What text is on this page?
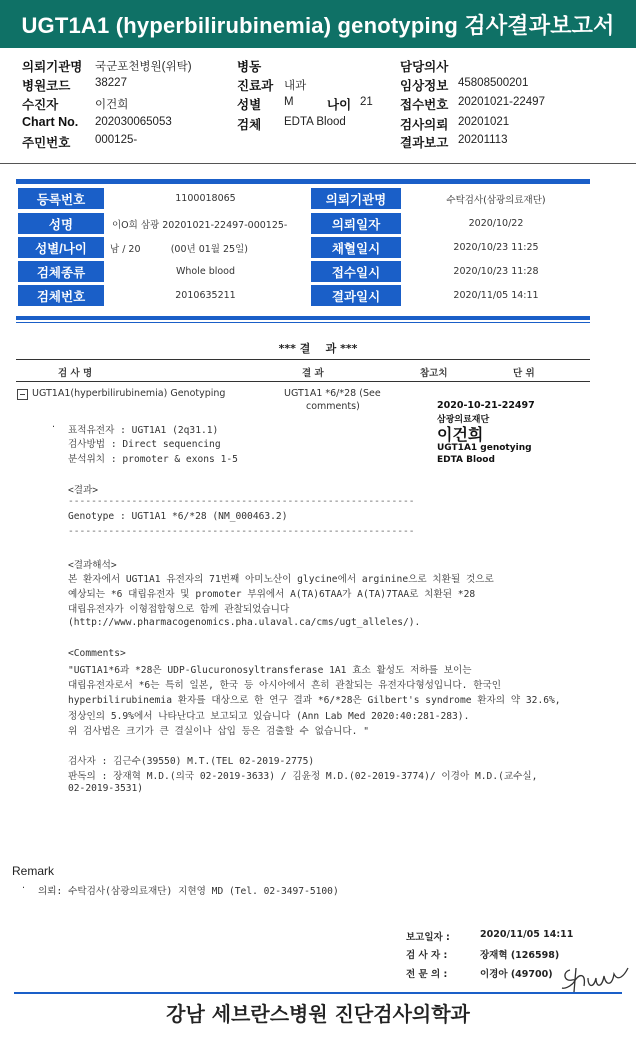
UGT1A1 (hyperbilirubinemia) genotyping 검사결과보고서
의뢰기관명 국군포천병원(위탁)
병원코드 38227
수진자	이건희
Chart No. 202030065053
주민번호 000125-
병동
진료과 내과
성별 M	나이 21
검체 EDTA Blood
담당의사
임상정보 45808500201
접수번호 20201021-22497
검사의뢰 20201021
결과보고 20201113
등록번호	1100018065
성명	이O희 삼광 20201021-22497-000125-
성별/나이	남 / 20          (00년 01월 25일)
검체종류	Whole blood
검체번호	2010635211
의뢰기관명	수탁검사(삼광의료재단)
의뢰일자	2020/10/22
채혈일시	2020/10/23 11:25
접수일시	2020/10/23 11:28
결과일시	2020/11/05 14:11
*** 결    과 ***
검 사 명	결 과	참고치	단 위
UGT1A1(hyperbilirubinemia) Genotyping	UGT1A1 *6/*28 (See
comments)	2020-10-21-22497
삼광의료재단
이건희
UGT1A1 genotying
EDTA Blood
· 표적유전자 : UGT1A1 (2q31.1)
검사방법 : Direct sequencing
분석위치 : promoter & exons 1-5
<결과>
------------------------------------------------------------
Genotype : UGT1A1 *6/*28 (NM_000463.2)
------------------------------------------------------------
<결과해석>
본 환자에서 UGT1A1 유전자의 71번째 아미노산이 glycine에서 arginine으로 치환될 것으로
예상되는 *6 대립유전자 및 promoter 부위에서 A(TA)6TAA가 A(TA)7TAA로 치환된 *28
대립유전자가 이형접합형으로 함께 관찰되었습니다
(http://www.pharmacogenomics.pha.ulaval.ca/cms/ugt_alleles/).
<Comments>
"UGT1A1*6과 *28은 UDP-Glucuronosyltransferase 1A1 효소 활성도 저하를 보이는
대립유전자로서 *6는 특히 일본, 한국 등 아시아에서 흔히 관찰되는 유전자다형성입니다. 한국인
hyperbilirubinemia 환자를 대상으로 한 연구 결과 *6/*28은 Gilbert's syndrome 환자의 약 32.6%,
정상인의 5.9%에서 나타난다고 보고되고 있습니다 (Ann Lab Med 2020:40:281-283).
위 검사법은 크기가 큰 결실이나 삽입 등은 검출할 수 없습니다. "
검사자 : 김근수(39550) M.T.(TEL 02-2019-2775)
판독의 : 장재혁 M.D.(의국 02-2019-3633) / 김윤정 M.D.(02-2019-3774)/ 이경아 M.D.(교수실,
02-2019-3531)
Remark
· 의뢰: 수탁검사(삼광의료재단) 지현영 MD (Tel. 02-3497-5100)
보고일자 :	2020/11/05 14:11
검 사 자 :	장재혁 (126598)
전 문 의 :	이경아 (49700)
강남 세브란스병원 진단검사의학과
